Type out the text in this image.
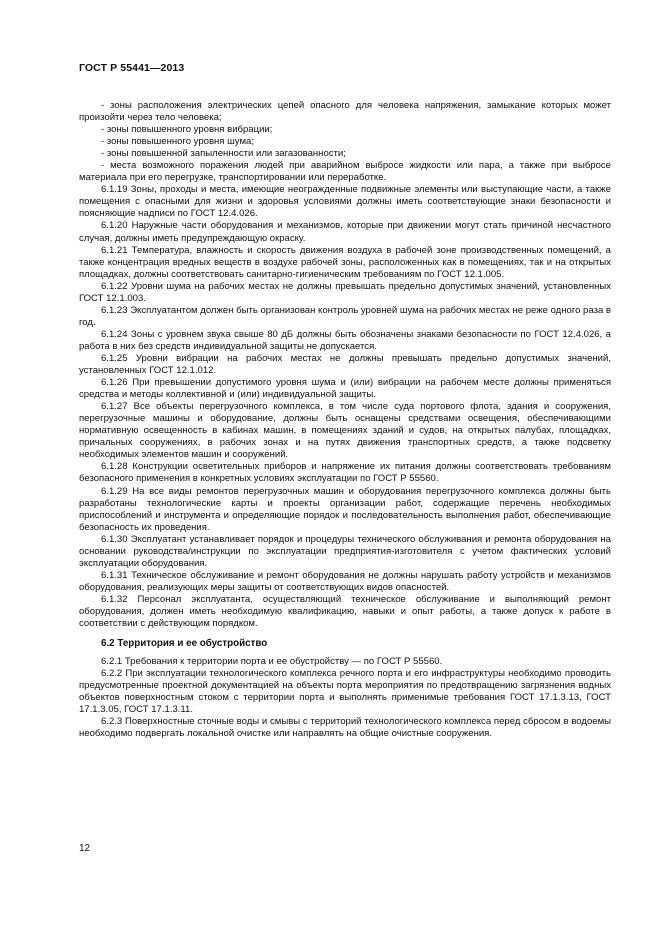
ГОСТ Р 55441—2013

- зоны расположения электрических цепей опасного для человека напряжения, замыкание которых может произойти через тело человека;

- зоны повышенного уровня вибрации;

- зоны повышенного уровня шума;

- зоны повышенной запыленности или загазованности;

- места возможного поражения людей при аварийном выбросе жидкости или пара, а также при выбросе материала при его перегрузке, транспортировании или переработке.

6.1.19 Зоны, проходы и места, имеющие неогражденные подвижные элементы или выступающие части, а также помещения с опасными для жизни и здоровья условиями должны иметь соответствующие знаки безопасности и поясняющие надписи по ГОСТ 12.4.026.

6.1.20 Наружные части оборудования и механизмов, которые при движении могут стать причиной несчастного случая, должны иметь предупреждающую окраску.

6.1.21 Температура, влажность и скорость движения воздуха в рабочей зоне производственных помещений, а также концентрация вредных веществ в воздухе рабочей зоны, расположенных как в помещениях, так и на открытых площадках, должны соответствовать санитарно-гигиеническим требованиям по ГОСТ 12.1.005.

6.1.22 Уровни шума на рабочих местах не должны превышать предельно допустимых значений, установленных ГОСТ 12.1.003.

6.1.23 Эксплуатантом должен быть организован контроль уровней шума на рабочих местах не реже одного раза в год.

6.1.24 Зоны с уровнем звука свыше 80 дБ должны быть обозначены знаками безопасности по ГОСТ 12.4.026, а работа в них без средств индивидуальной защиты не допускается.

6.1.25 Уровни вибрации на рабочих местах не должны превышать предельно допустимых значений, установленных ГОСТ 12.1.012.

6.1.26 При превышении допустимого уровня шума и (или) вибрации на рабочем месте должны применяться средства и методы коллективной и (или) индивидуальной защиты.

6.1.27 Все объекты перегрузочного комплекса, в том числе суда портового флота, здания и сооружения, перегрузочные машины и оборудование, должны быть оснащены средствами освещения, обеспечивающими нормативную освещенность в кабинах машин, в помещениях зданий и судов, на открытых палубах, площадках, причальных сооружениях, в рабочих зонах и на путях движения транспортных средств, а также подсветку необходимых элементов машин и сооружений.

6.1.28 Конструкции осветительных приборов и напряжение их питания должны соответствовать требованиям безопасного применения в конкретных условиях эксплуатации по ГОСТ Р 55560.

6.1.29 На все виды ремонтов перегрузочных машин и оборудования перегрузочного комплекса должны быть разработаны технологические карты и проекты организации работ, содержащие перечень необходимых приспособлений и инструмента и определяющие порядок и последовательность выполнения работ, обеспечивающие безопасность их проведения.

6.1.30 Эксплуатант устанавливает порядок и процедуры технического обслуживания и ремонта оборудования на основании руководства/инструкции по эксплуатации предприятия-изготовителя с учетом фактических условий эксплуатации оборудования.

6.1.31 Техническое обслуживание и ремонт оборудования не должны нарушать работу устройств и механизмов оборудования, реализующих меры защиты от соответствующих видов опасностей.

6.1.32 Персонал эксплуатанта, осуществляющий техническое обслуживание и выполняющий ремонт оборудования, должен иметь необходимую квалификацию, навыки и опыт работы, а также допуск к работе в соответствии с действующим порядком.

6.2 Территория и ее обустройство

6.2.1 Требования к территории порта и ее обустройству — по ГОСТ Р 55560.

6.2.2 При эксплуатации технологического комплекса речного порта и его инфраструктуры необходимо проводить предусмотренные проектной документацией на объекты порта мероприятия по предотвращению загрязнения водных объектов поверхностным стоком с территории порта и выполнять применимые требования ГОСТ 17.1.3.13, ГОСТ 17.1.3.05, ГОСТ 17.1.3.11.

6.2.3 Поверхностные сточные воды и смывы с территорий технологического комплекса перед сбросом в водоемы необходимо подвергать локальной очистке или направлять на общие очистные сооружения.

12
